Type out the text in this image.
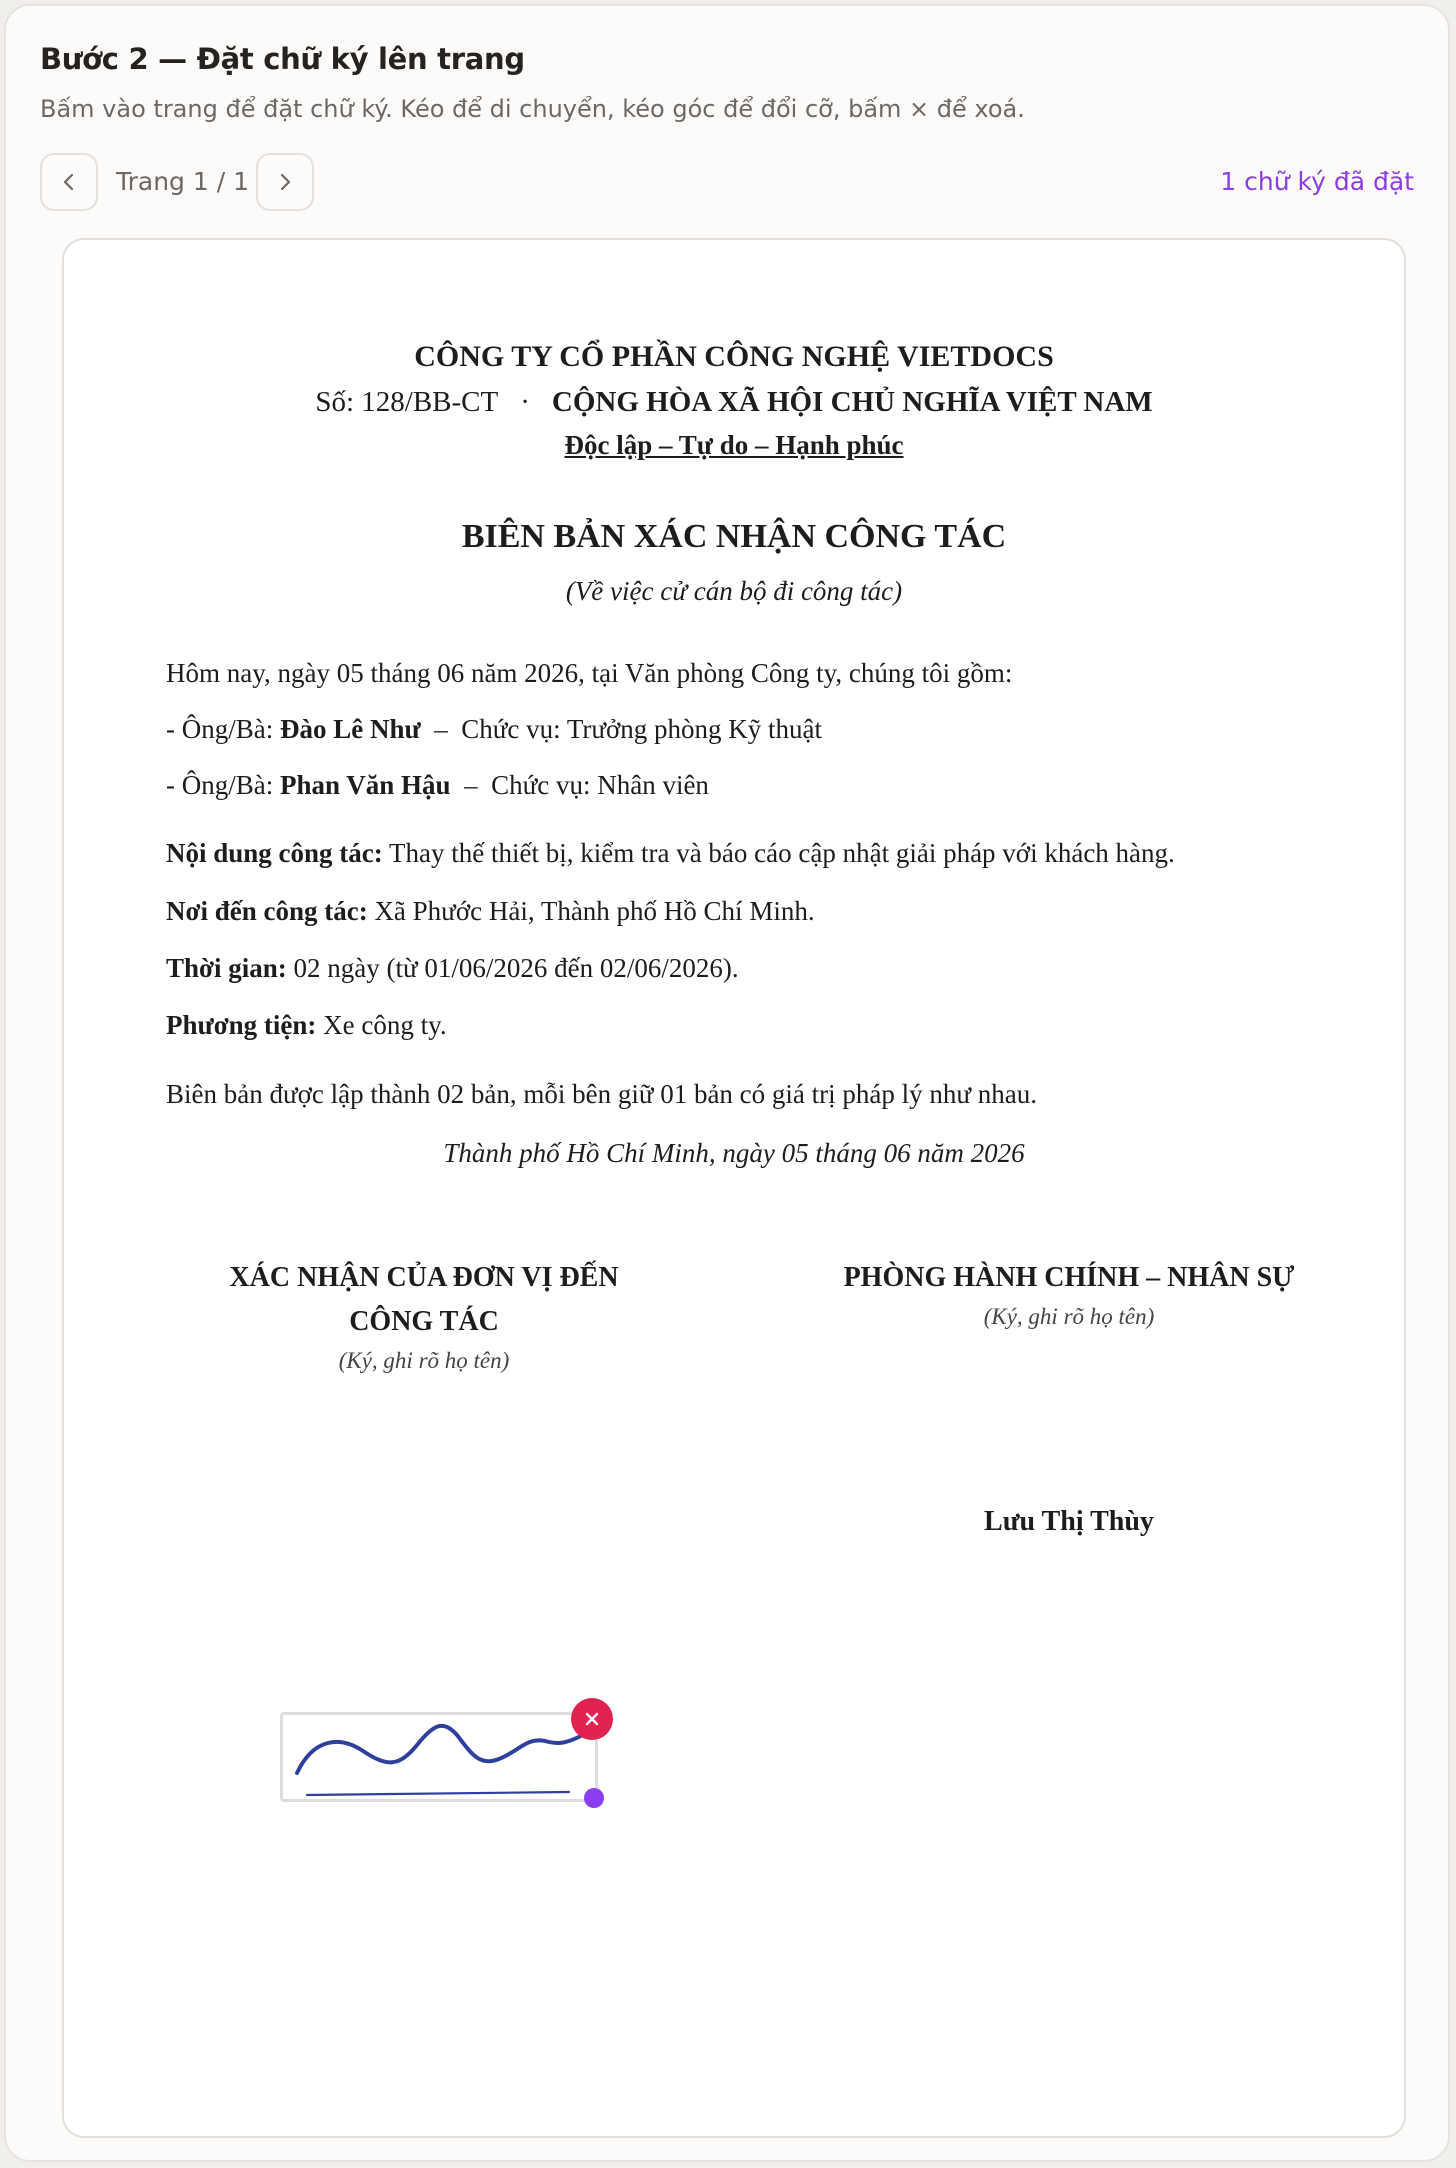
Bước 2 — Đặt chữ ký lên trang
Bấm vào trang để đặt chữ ký. Kéo để di chuyển, kéo góc để đổi cỡ, bấm × để xoá.
Trang 1 / 1	1 chữ ký đã đặt
CÔNG TY CỔ PHẦN CÔNG NGHỆ VIETDOCS
Số: 128/BB-CT · CỘNG HÒA XÃ HỘI CHỦ NGHĨA VIỆT NAM
Độc lập – Tự do – Hạnh phúc
BIÊN BẢN XÁC NHẬN CÔNG TÁC
(Về việc cử cán bộ đi công tác)
Hôm nay, ngày 05 tháng 06 năm 2026, tại Văn phòng Công ty, chúng tôi gồm:
- Ông/Bà: Đào Lê Như  –  Chức vụ: Trưởng phòng Kỹ thuật
- Ông/Bà: Phan Văn Hậu  –  Chức vụ: Nhân viên
Nội dung công tác: Thay thế thiết bị, kiểm tra và báo cáo cập nhật giải pháp với khách hàng.
Nơi đến công tác: Xã Phước Hải, Thành phố Hồ Chí Minh.
Thời gian: 02 ngày (từ 01/06/2026 đến 02/06/2026).
Phương tiện: Xe công ty.
Biên bản được lập thành 02 bản, mỗi bên giữ 01 bản có giá trị pháp lý như nhau.
Thành phố Hồ Chí Minh, ngày 05 tháng 06 năm 2026
XÁC NHẬN CỦA ĐƠN VỊ ĐẾN
CÔNG TÁC
(Ký, ghi rõ họ tên)
PHÒNG HÀNH CHÍNH – NHÂN SỰ
(Ký, ghi rõ họ tên)
Lưu Thị Thùy
